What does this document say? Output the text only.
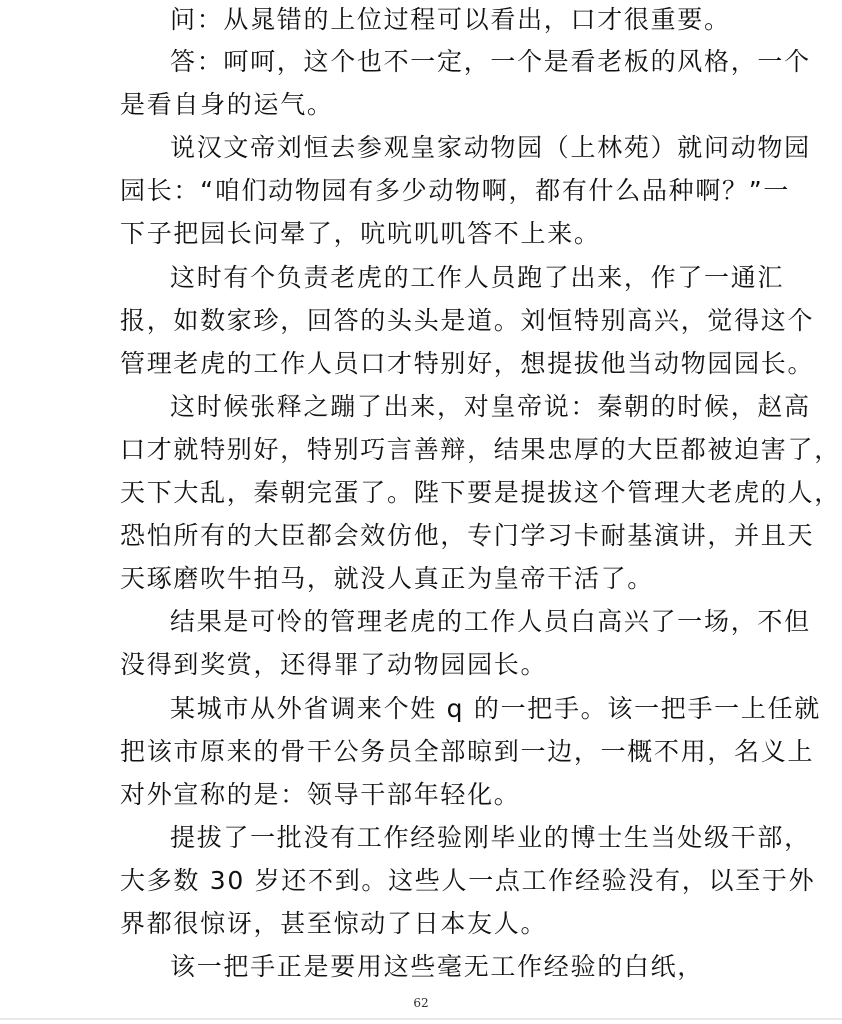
问：从晁错的上位过程可以看出，口才很重要。
答：呵呵，这个也不一定，一个是看老板的风格，一个
是看自身的运气。
说汉文帝刘恒去参观皇家动物园（上林苑）就问动物园
园长：“咱们动物园有多少动物啊，都有什么品种啊？”一
下子把园长问晕了，吭吭叽叽答不上来。
这时有个负责老虎的工作人员跑了出来，作了一通汇
报，如数家珍，回答的头头是道。刘恒特别高兴，觉得这个
管理老虎的工作人员口才特别好，想提拔他当动物园园长。
这时候张释之蹦了出来，对皇帝说：秦朝的时候，赵高
口才就特别好，特别巧言善辩，结果忠厚的大臣都被迫害了，
天下大乱，秦朝完蛋了。陛下要是提拔这个管理大老虎的人，
恐怕所有的大臣都会效仿他，专门学习卡耐基演讲，并且天
天琢磨吹牛拍马，就没人真正为皇帝干活了。
结果是可怜的管理老虎的工作人员白高兴了一场，不但
没得到奖赏，还得罪了动物园园长。
某城市从外省调来个姓 q 的一把手。该一把手一上任就
把该市原来的骨干公务员全部晾到一边，一概不用，名义上
对外宣称的是：领导干部年轻化。
提拔了一批没有工作经验刚毕业的博士生当处级干部，
大多数 30 岁还不到。这些人一点工作经验没有，以至于外
界都很惊讶，甚至惊动了日本友人。
该一把手正是要用这些毫无工作经验的白纸，
62
